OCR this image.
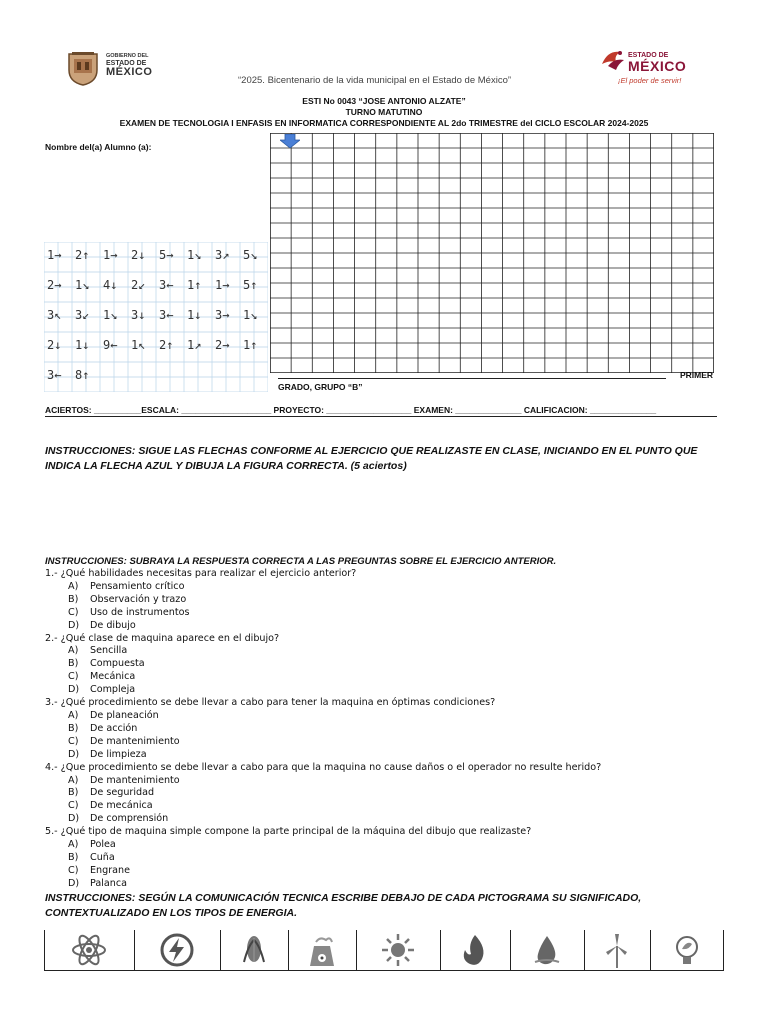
GOBIERNO DEL
ESTADO DE
MÉXICO
“2025. Bicentenario de la vida municipal en el Estado de México”
ESTADO DE
MÉXICO
¡El poder de servir!
ESTI No 0043 “JOSE ANTONIO ALZATE”
TURNO MATUTINO
EXAMEN DE TECNOLOGIA I ENFASIS EN INFORMATICA CORRESPONDIENTE AL 2do TRIMESTRE del CICLO ESCOLAR 2024-2025
Nombre del(a) Alumno (a):
1→ 2↑ 1→ 2↓ 5→ 1↘ 3↗ 5↘
2→ 1↘ 4↓ 2↙ 3← 1↑ 1→ 5↑
3↖ 3↙ 1↘ 3↓ 3← 1↓ 3→ 1↘
2↓ 1↓ 9← 1↖ 2↑ 1↗ 2→ 1↑
3← 8↑	PRIMER
GRADO, GRUPO “B”
ACIERTOS: __________ESCALA: ___________________ PROYECTO: __________________ EXAMEN: ______________ CALIFICACION: ______________
INSTRUCCIONES: SIGUE LAS FLECHAS CONFORME AL EJERCICIO QUE REALIZASTE EN CLASE, INICIANDO EN EL PUNTO QUE INDICA LA FLECHA AZUL Y DIBUJA LA FIGURA CORRECTA. (5 aciertos)
INSTRUCCIONES: SUBRAYA LA RESPUESTA CORRECTA A LAS PREGUNTAS SOBRE EL EJERCICIO ANTERIOR.
1.- ¿Qué habilidades necesitas para realizar el ejercicio anterior?
A) Pensamiento crítico
B) Observación y trazo
C) Uso de instrumentos
D) De dibujo
2.- ¿Qué clase de maquina aparece en el dibujo?
A) Sencilla
B) Compuesta
C) Mecánica
D) Compleja
3.- ¿Qué procedimiento se debe llevar a cabo para tener la maquina en óptimas condiciones?
A) De planeación
B) De acción
C) De mantenimiento
D) De limpieza
4.- ¿Que procedimiento se debe llevar a cabo para que la maquina no cause daños o el operador no resulte herido?
A) De mantenimiento
B) De seguridad
C) De mecánica
D) De comprensión
5.- ¿Qué tipo de maquina simple compone la parte principal de la máquina del dibujo que realizaste?
A) Polea
B) Cuña
C) Engrane
D) Palanca
INSTRUCCIONES: SEGÚN LA COMUNICACIÓN TECNICA ESCRIBE DEBAJO DE CADA PICTOGRAMA SU SIGNIFICADO, CONTEXTUALIZADO EN LOS TIPOS DE ENERGIA.
